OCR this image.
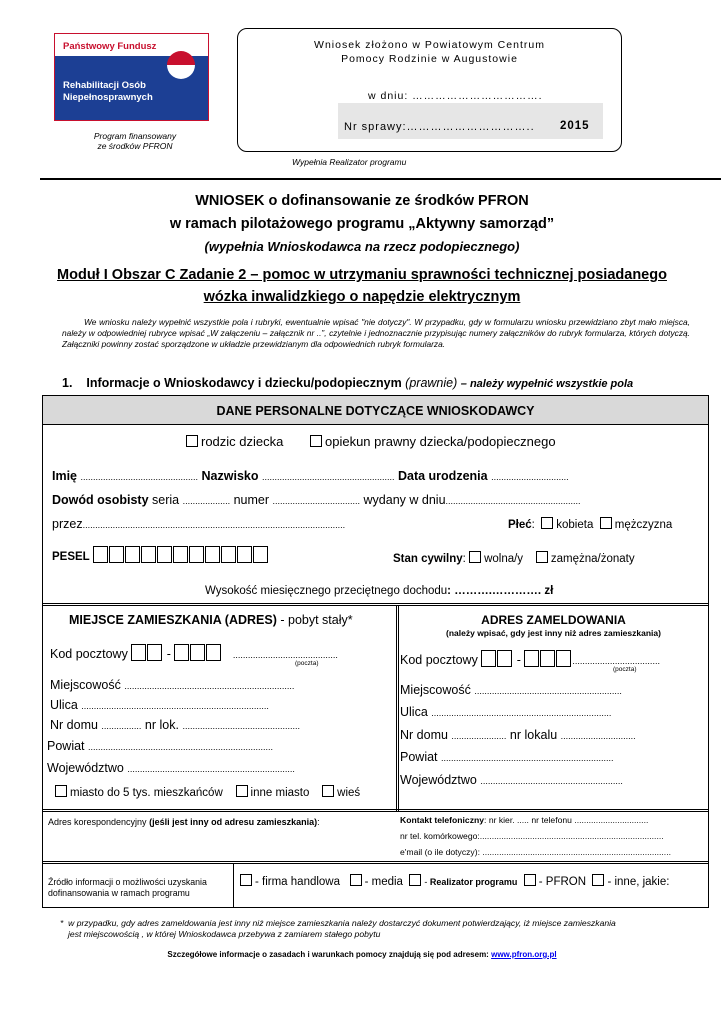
Państwowy Fundusz
Rehabilitacji Osób
Niepełnosprawnych
Program finansowany
ze środków PFRON
Wniosek złożono w Powiatowym Centrum
Pomocy Rodzinie w Augustowie
w dniu: …………………………….
Nr sprawy:………………………….. 2015
Wypełnia Realizator programu
WNIOSEK o dofinansowanie ze środków PFRON
w ramach pilotażowego programu „Aktywny samorząd”
(wypełnia Wnioskodawca na rzecz podopiecznego)
Moduł I Obszar C Zadanie 2 – pomoc w utrzymaniu sprawności technicznej posiadanego
wózka inwalidzkiego o napędzie elektrycznym
We wniosku należy wypełnić wszystkie pola i rubryki, ewentualnie wpisać "nie dotyczy". W przypadku, gdy w formularzu wniosku przewidziano zbyt mało miejsca, należy w odpowiedniej rubryce wpisać „W załączeniu – załącznik nr ..”, czytelnie i jednoznacznie przypisując numery załączników do rubryk formularza, których dotyczą. Załączniki powinny zostać sporządzone w układzie przewidzianym dla odpowiednich rubryk formularza.
1. Informacje o Wnioskodawcy i dziecku/podopiecznym (prawnie) – należy wypełnić wszystkie pola
DANE PERSONALNE DOTYCZĄCE WNIOSKODAWCY
rodzic dziecka	opiekun prawny dziecka/podopiecznego
Imię ............................................... Nazwisko ..................................................... Data urodzenia ...............................
Dowód osobisty seria ................... numer ................................... wydany w dniu......................................................
przez.........................................................................................................	Płeć:  kobieta mężczyzna
PESEL	Stan cywilny: wolna/y zamężna/żonaty
Wysokość miesięcznego przeciętnego dochodu: ……….…………. zł
MIEJSCE ZAMIESZKANIA (ADRES) - pobyt stały*
Kod pocztowy	-	..........................................
(poczta)
Miejscowość ....................................................................
Ulica ...........................................................................
Nr domu ................ nr lok. ...............................................
Powiat ..........................................................................
Województwo ...................................................................
miasto do 5 tys. mieszkańców inne miasto wieś
ADRES ZAMELDOWANIA
(należy wpisać, gdy jest inny niż adres zamieszkania)
Kod pocztowy	-	...................................
(poczta)
Miejscowość ...........................................................
Ulica ........................................................................
Nr domu ...................... nr lokalu ..............................
Powiat .....................................................................
Województwo .........................................................
Adres korespondencyjny (jeśli jest inny od adresu zamieszkania):	Kontakt telefoniczny: nr kier. ..... nr telefonu ...............................
nr tel. komórkowego:.............................................................................
e'mail (o ile dotyczy): ...............................................................................
Źródło informacji o możliwości uzyskania dofinansowania w ramach programu
- firma handlowa - media - Realizator programu - PFRON - inne, jakie:
* w przypadku, gdy adres zameldowania jest inny niż miejsce zamieszkania należy dostarczyć dokument potwierdzający, iż miejsce zamieszkania
jest miejscowością , w której Wnioskodawca przebywa z zamiarem stałego pobytu
Szczegółowe informacje o zasadach i warunkach pomocy znajdują się pod adresem: www.pfron.org.pl
